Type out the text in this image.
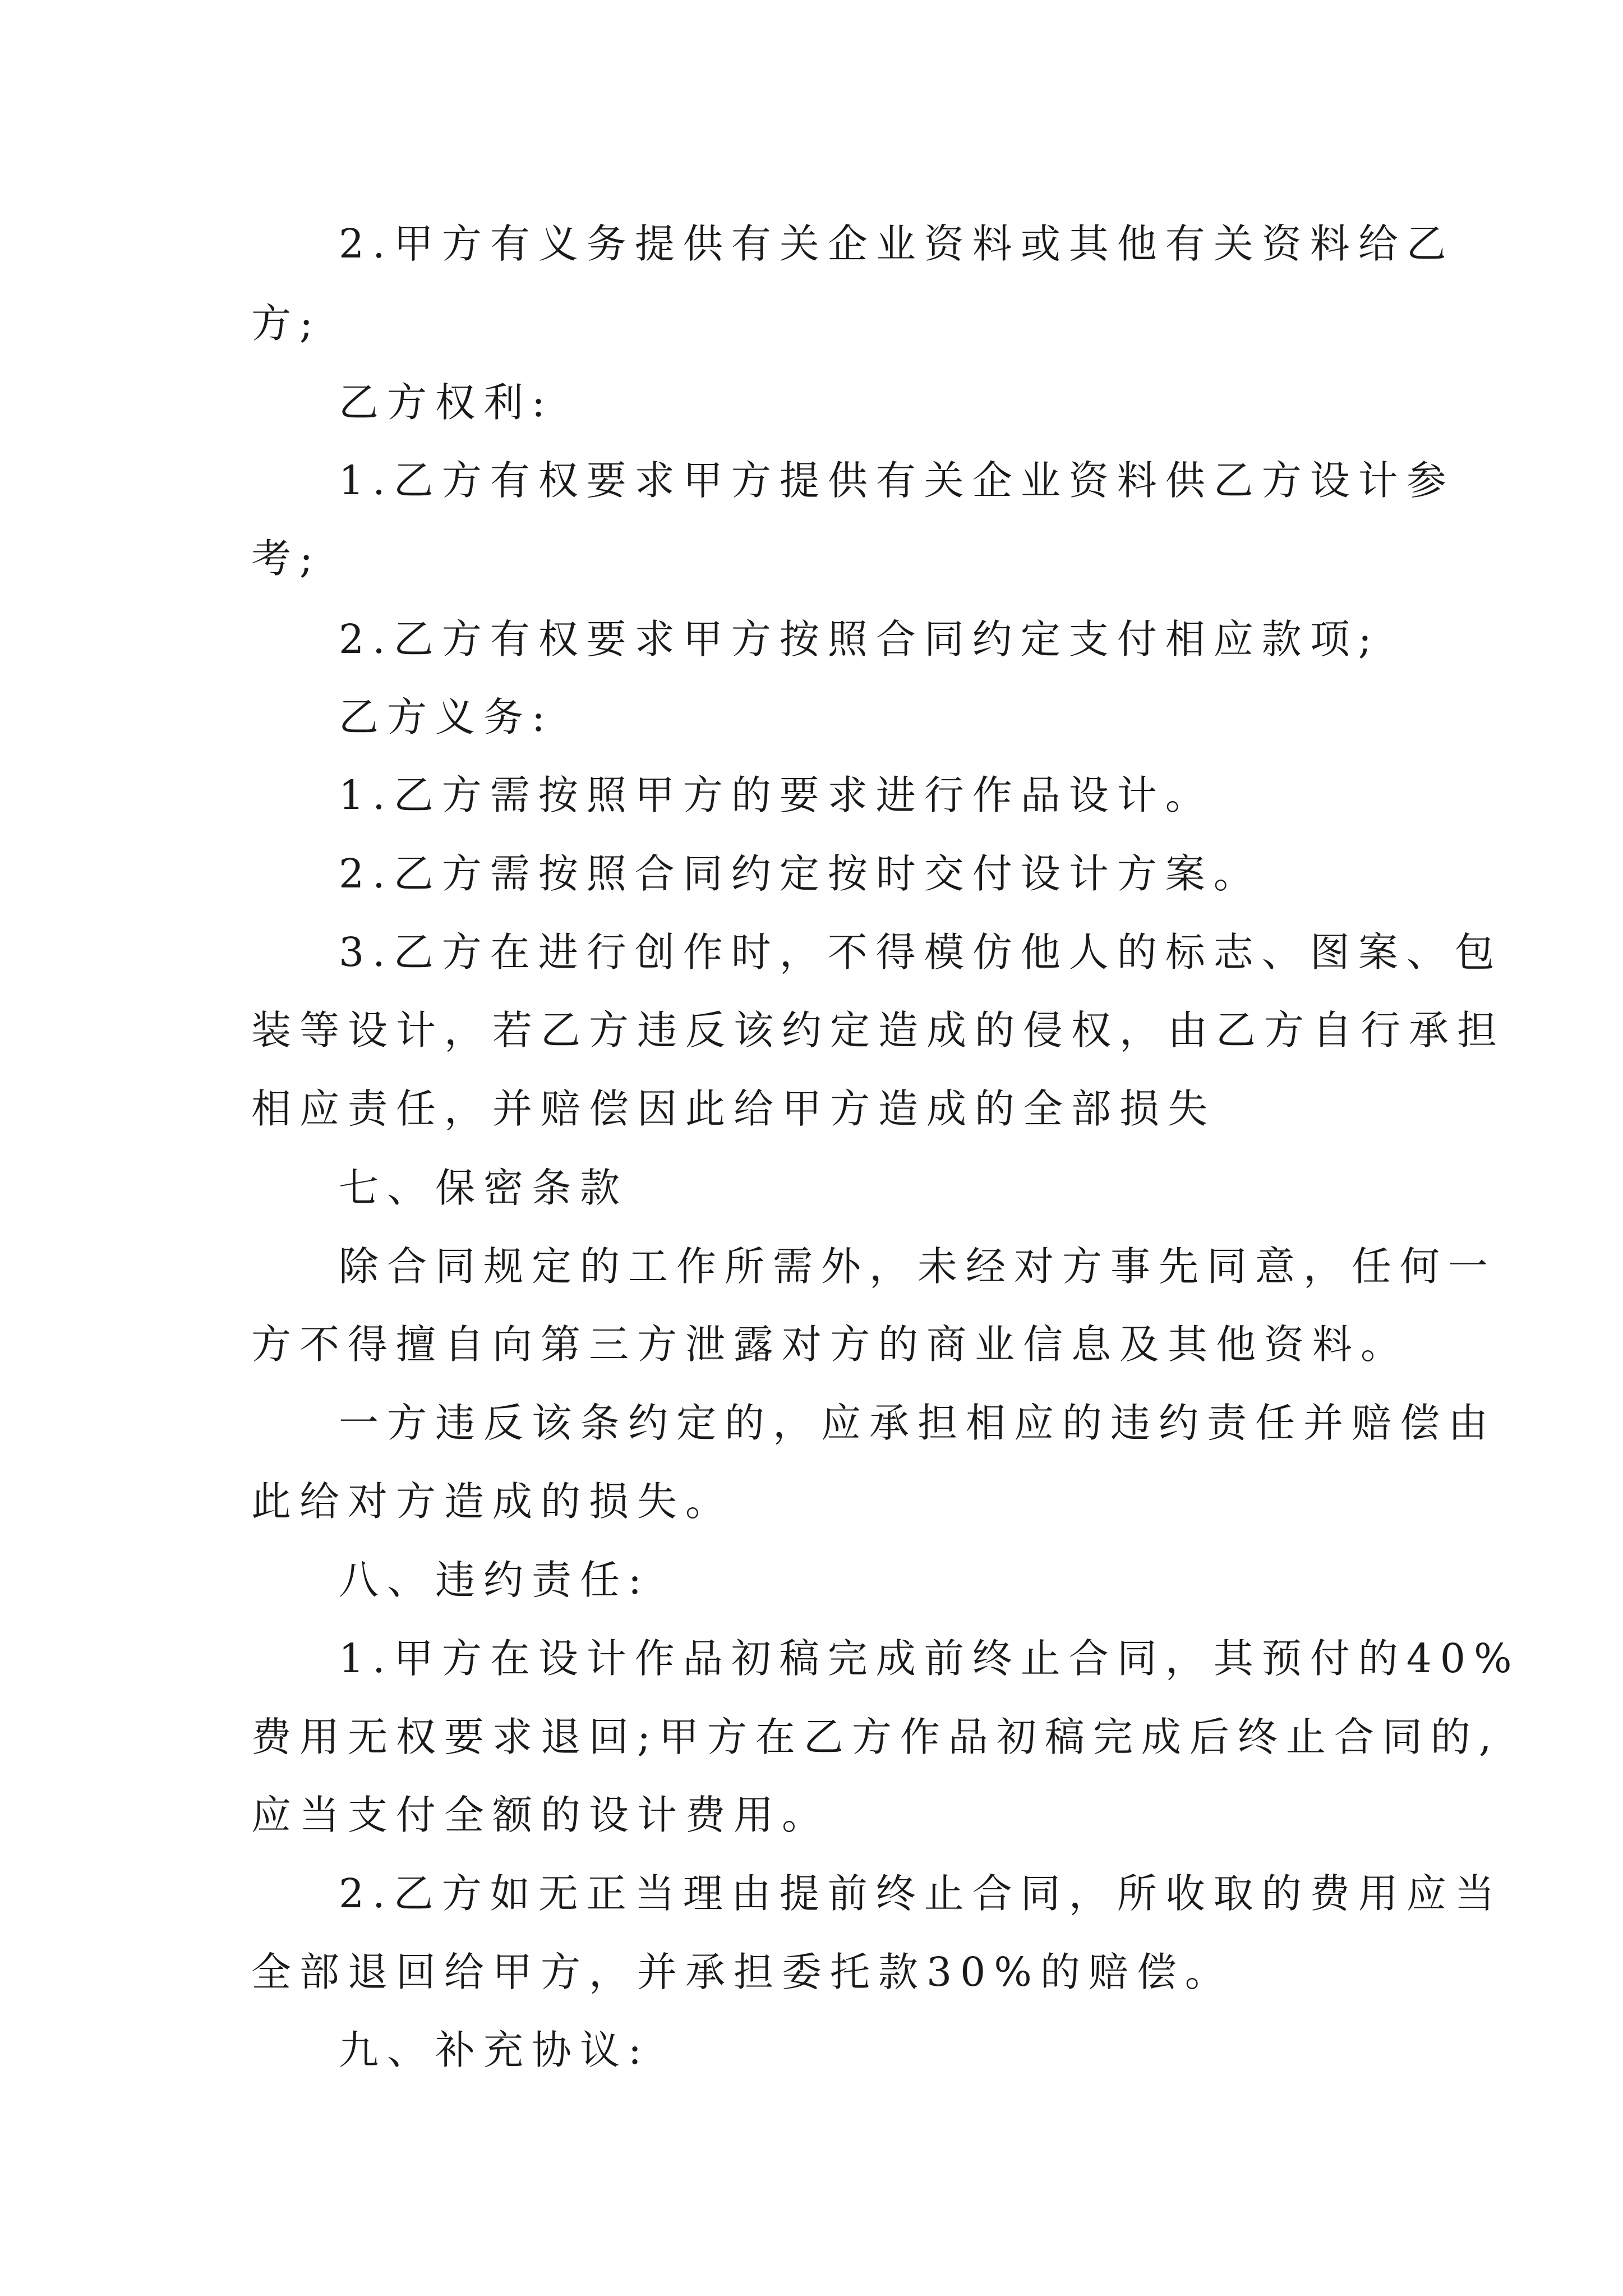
2.甲方有义务提供有关企业资料或其他有关资料给乙
方;
乙方权利:
1.乙方有权要求甲方提供有关企业资料供乙方设计参
考;
2.乙方有权要求甲方按照合同约定支付相应款项;
乙方义务:
1.乙方需按照甲方的要求进行作品设计。
2.乙方需按照合同约定按时交付设计方案。
3.乙方在进行创作时，不得模仿他人的标志、图案、包
装等设计，若乙方违反该约定造成的侵权，由乙方自行承担
相应责任，并赔偿因此给甲方造成的全部损失
七、保密条款
除合同规定的工作所需外，未经对方事先同意，任何一
方不得擅自向第三方泄露对方的商业信息及其他资料。
一方违反该条约定的，应承担相应的违约责任并赔偿由
此给对方造成的损失。
八、违约责任:
1.甲方在设计作品初稿完成前终止合同，其预付的40%
费用无权要求退回;甲方在乙方作品初稿完成后终止合同的,
应当支付全额的设计费用。
2.乙方如无正当理由提前终止合同，所收取的费用应当
全部退回给甲方，并承担委托款30%的赔偿。
九、补充协议:
